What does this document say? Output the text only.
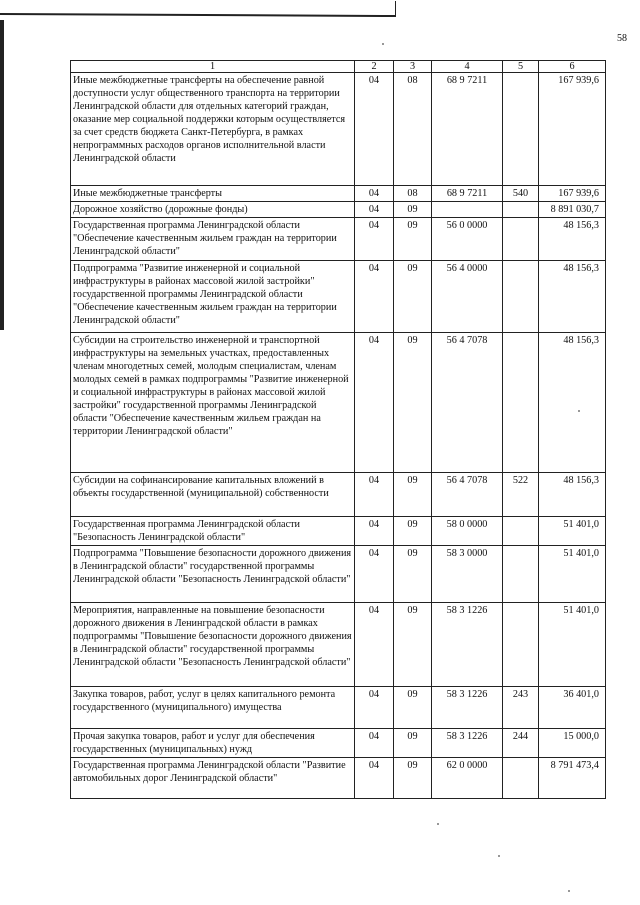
58
1	2	3	4	5	6
Иные межбюджетные трансферты на обеспечение равной доступности услуг общественного транспорта на территории Ленинградской области для отдельных категорий граждан, оказание мер социальной поддержки которым осуществляется за счет средств бюджета Санкт-Петербурга, в рамках непрограммных расходов органов исполнительной власти Ленинградской области	04	08	68 9 7211		167 939,6
Иные межбюджетные трансферты	04	08	68 9 7211	540	167 939,6
Дорожное хозяйство (дорожные фонды)	04	09			8 891 030,7
Государственная программа Ленинградской области "Обеспечение качественным жильем граждан на территории Ленинградской области"	04	09	56 0 0000		48 156,3
Подпрограмма "Развитие инженерной и социальной инфраструктуры в районах массовой жилой застройки" государственной программы Ленинградской области "Обеспечение качественным жильем граждан на территории Ленинградской области"	04	09	56 4 0000		48 156,3
Субсидии на строительство инженерной и транспортной инфраструктуры на земельных участках, предоставленных членам многодетных семей, молодым специалистам, членам молодых семей в рамках подпрограммы "Развитие инженерной и социальной инфраструктуры в районах массовой жилой застройки" государственной программы Ленинградской области "Обеспечение качественным жильем граждан на территории Ленинградской области"	04	09	56 4 7078		48 156,3
Субсидии на софинансирование капитальных вложений в объекты государственной (муниципальной) собственности	04	09	56 4 7078	522	48 156,3
Государственная программа Ленинградской области "Безопасность Ленинградской области"	04	09	58 0 0000		51 401,0
Подпрограмма "Повышение безопасности дорожного движения в Ленинградской области" государственной программы Ленинградской области "Безопасность Ленинградской области"	04	09	58 3 0000		51 401,0
Мероприятия, направленные на повышение безопасности дорожного движения в Ленинградской области в рамках подпрограммы "Повышение безопасности дорожного движения в Ленинградской области" государственной программы Ленинградской области "Безопасность Ленинградской области"	04	09	58 3 1226		51 401,0
Закупка товаров, работ, услуг в целях капитального ремонта государственного (муниципального) имущества	04	09	58 3 1226	243	36 401,0
Прочая закупка товаров, работ и услуг для обеспечения государственных (муниципальных) нужд	04	09	58 3 1226	244	15 000,0
Государственная программа Ленинградской области "Развитие автомобильных дорог Ленинградской области"	04	09	62 0 0000		8 791 473,4
